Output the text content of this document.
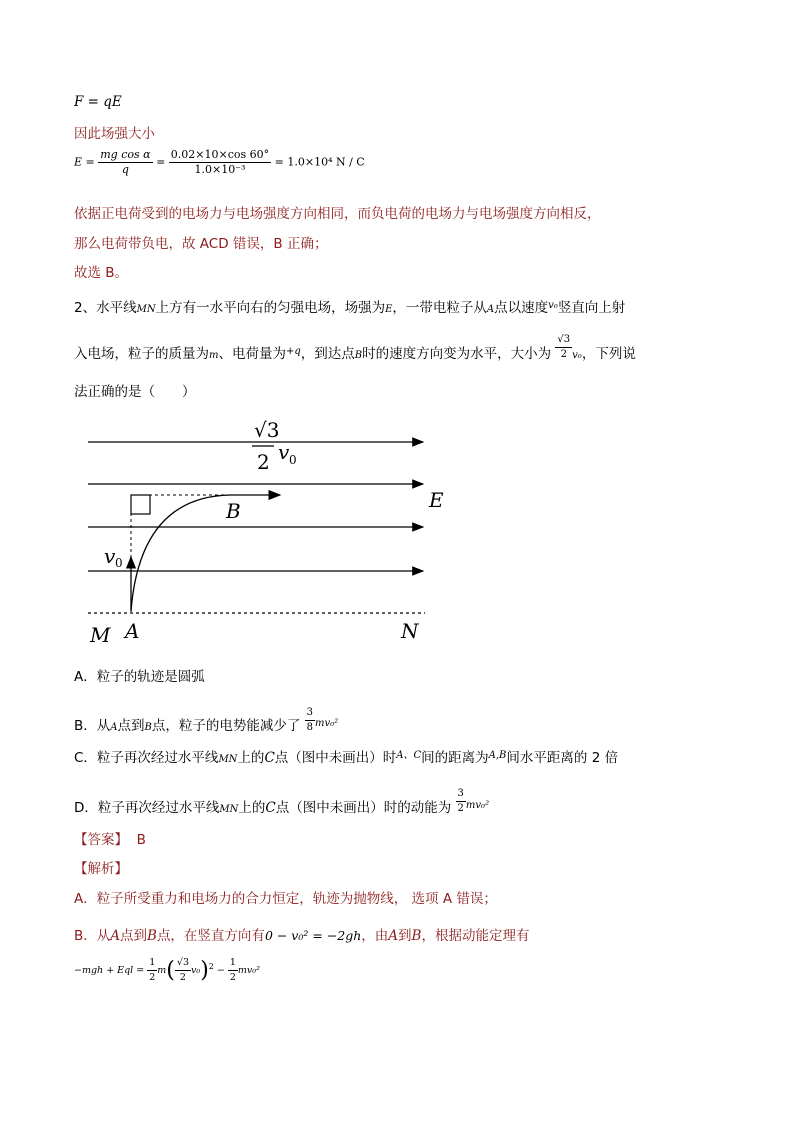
F = qE
因此场强大小
$E = \frac{\text{mg cos α}}{q} = \frac{0.02\times 10\times\cos 60^\circ}{\text{1.0×10⁻³}} = 1.0\times 10^4$ N / C
依据正电荷受到的电场力与电场强度方向相同，而负电荷的电场力与电场强度方向相反，
那么电荷带负电，故 ACD 错误，B 正确；
故选 B。
2、水平线MN上方有一水平向右的匀强电场，场强为E，一带电粒子从A点以速度$^{v_0}$竖直向上射
入电场，粒子的质量为m、电荷量为$^{+q}$，到达点B时的速度方向变为水平，大小为 $\frac{√3}{2} v_0$，下列说
法正确的是（　　）
√3
2 v 0
B	E
v 0
M A	N
A．粒子的轨迹是圆弧
B．从A点到B点，粒子的电势能减少了 $\frac{3}{8} ^{mv_0^2}$
C．粒子再次经过水平线MN上的C点（图中未画出）时$^{A、C}$间的距离为$^{A,B}$间水平距离的 2 倍
D．粒子再次经过水平线MN上的C点（图中未画出）时的动能为 $\frac{3}{2} ^{mv_0^2}$
【答案】 B
【解析】
A．粒子所受重力和电场力的合力恒定，轨迹为抛物线， 选项 A 错误；
B．从A点到B点，在竖直方向有0 − v₀² = −2gh，由A到B，根据动能定理有
−mgh + Eql = $\frac{1}{2} m( \frac{√3}{2} v_0)^2 - \frac{1}{2} mv_0^2$
